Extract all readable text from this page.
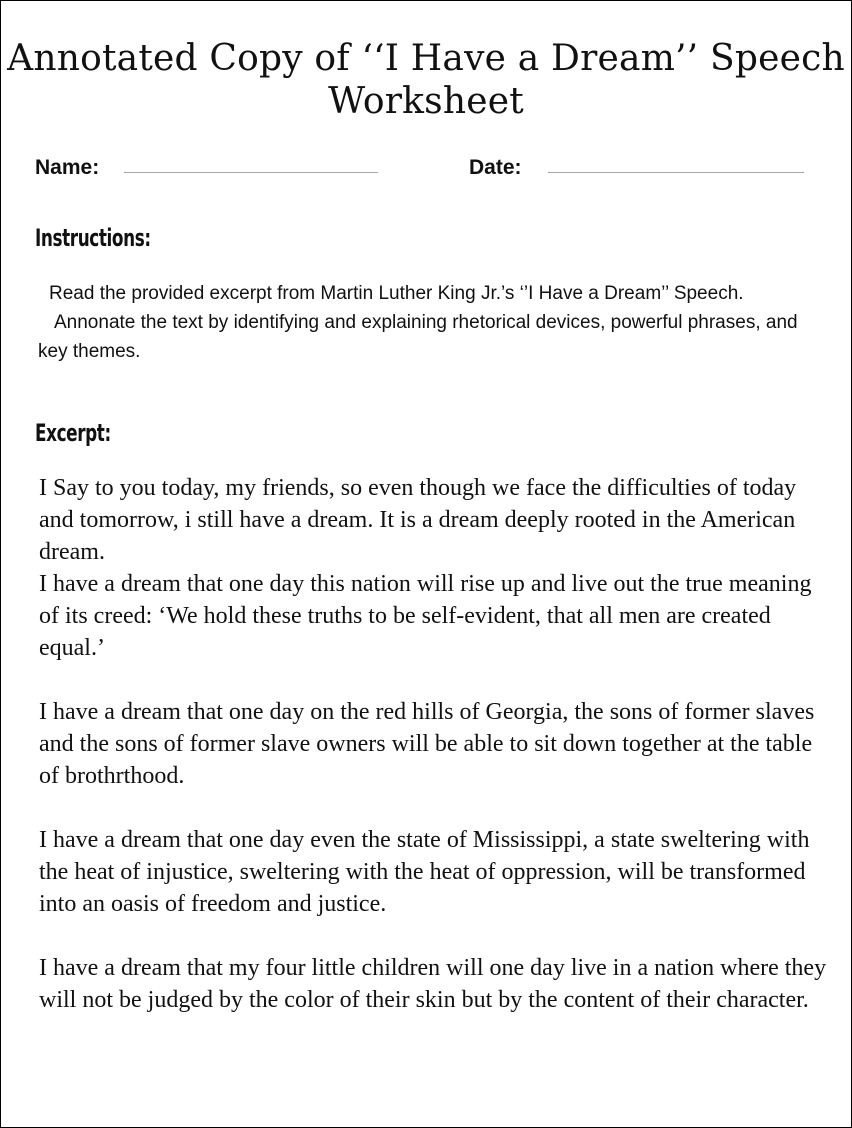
Annotated Copy of ‘‘I Have a Dream’’ Speech
Worksheet
Name:	Date:
Instructions:

Read the provided excerpt from Martin Luther King Jr.’s ‘’I Have a Dream’’ Speech.

Annonate the text by identifying and explaining rhetorical devices, powerful phrases, and key themes.

Excerpt:

I Say to you today, my friends, so even though we face the difficulties of today and tomorrow, i still have a dream. It is a dream deeply rooted in the American dream.

I have a dream that one day this nation will rise up and live out the true meaning of its creed: ‘We hold these truths to be self-evident, that all men are created equal.’

I have a dream that one day on the red hills of Georgia, the sons of former slaves and the sons of former slave owners will be able to sit down together at the table of brothrthood.

I have a dream that one day even the state of Mississippi, a state sweltering with the heat of injustice, sweltering with the heat of oppression, will be transformed into an oasis of freedom and justice.

I have a dream that my four little children will one day live in a nation where they will not be judged by the color of their skin but by the content of their character.
